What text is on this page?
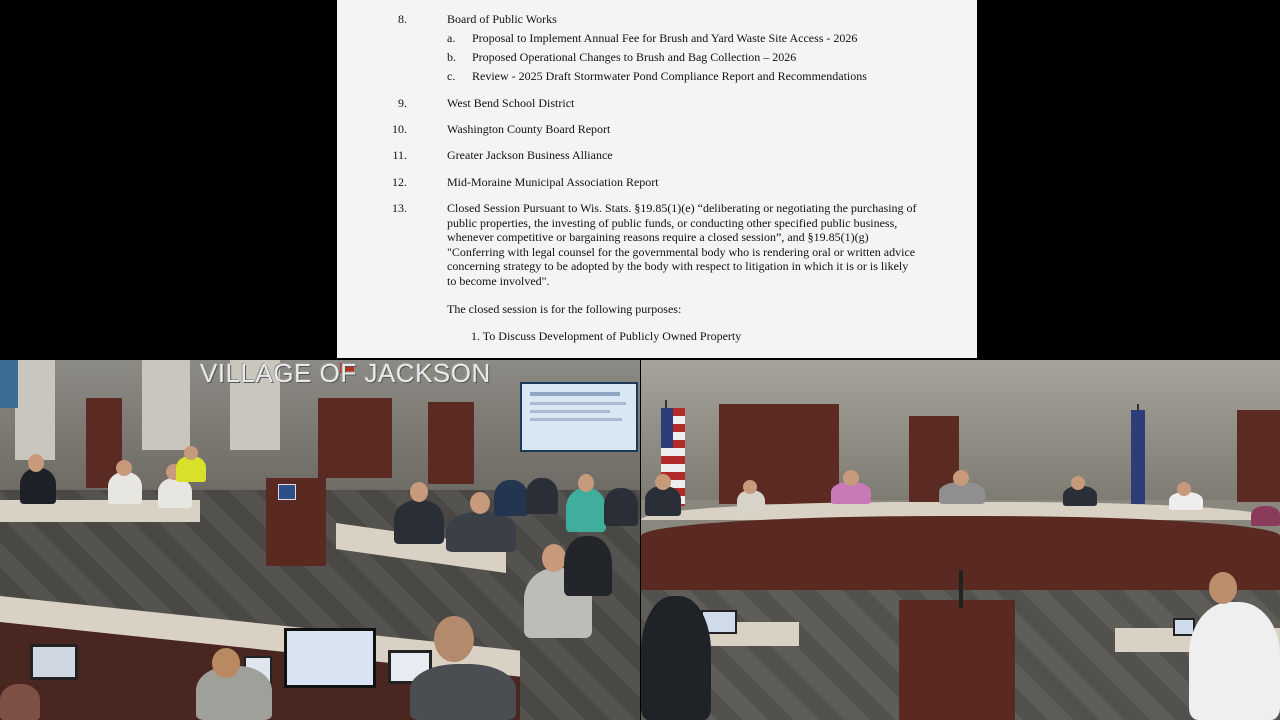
8.	Board of Public Works
a. Proposal to Implement Annual Fee for Brush and Yard Waste Site Access - 2026
b. Proposed Operational Changes to Brush and Bag Collection – 2026
c. Review - 2025 Draft Stormwater Pond Compliance Report and Recommendations
9.	West Bend School District
10.	Washington County Board Report
11.	Greater Jackson Business Alliance
12.	Mid-Moraine Municipal Association Report
13.	Closed Session Pursuant to Wis. Stats. §19.85(1)(e) “deliberating or negotiating the purchasing of public properties, the investing of public funds, or conducting other specified public business, whenever competitive or bargaining reasons require a closed session”, and §19.85(1)(g) "Conferring with legal counsel for the governmental body who is rendering oral or written advice concerning strategy to be adopted by the body with respect to litigation in which it is or is likely to become involved".
The closed session is for the following purposes:
1. To Discuss Development of Publicly Owned Property
VILLAGE OF JACKSON
